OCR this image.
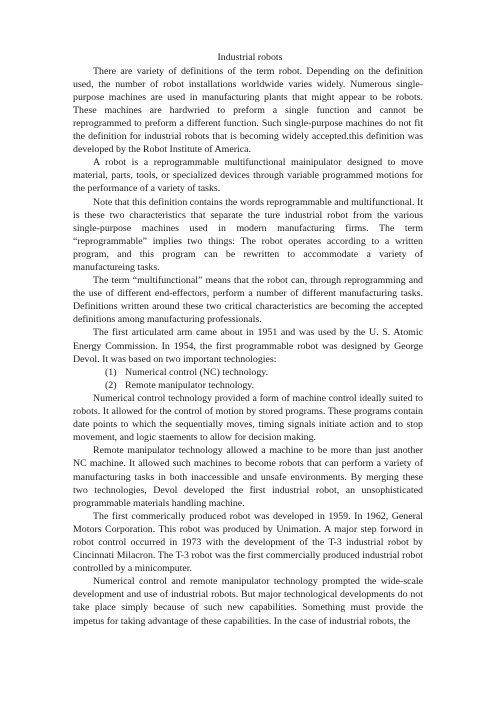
Industrial robots

There are variety of definitions of the term robot. Depending on the definition used, the number of robot installations worldwide varies widely. Numerous single-purpose machines are used in manufacturing plants that might appear to be robots. These machines are hardwried to preform a single function and cannot be reprogrammed to preform a different function. Such single-purpose machines do not fit the definition for industrial robots that is becoming widely accepted.this definition was developed by the Robot Institute of America.

A robot is a reprogrammable multifunctional mainipulator designed to move material, parts, tools, or specialized devices through variable programmed motions for the performance of a variety of tasks.

Note that this definition contains the words reprogrammable and multifunctional. It is these two characteristics that separate the ture industrial robot from the various single-purpose machines used in modern manufacturing firms. The term “reprogrammable” implies two things: The robot operates according to a written program, and this program can be rewritten to accommodate a variety of manufactureing tasks.

The term “multifunctional” means that the robot can, through reprogramming and the use of different end-effectors, perform a number of different manufacturing tasks. Definitions written around these two critical characteristics are becoming the accepted definitions among manufacturing professionals.

The first articulated arm came about in 1951 and was used by the U. S. Atomic Energy Commission. In 1954, the first programmable robot was designed by George Devol. It was based on two important technologies:

(1) Numerical control (NC) technology.
(2) Remote manipulator technology.

Numerical control technology provided a form of machine control ideally suited to robots. It allowed for the control of motion by stored programs. These programs contain date points to which the sequentially moves, timing signals initiate action and to stop movement, and logic staements to allow for decision making.

Remote manipulator technology allowed a machine to be more than just another NC machine. It allowed such machines to become robots that can perform a variety of manufacturing tasks in both inaccessible and unsafe environments. By merging these two technologies, Devol developed the first industrial robot, an unsophisticated programmable materials handling machine.

The first commerically produced robot was developed in 1959. In 1962, General Motors Corporation. This robot was produced by Unimation. A major step forword in robot control occurred in 1973 with the development of the T-3 industrial robot by Cincinnati Milacron. The T-3 robot was the first commercially produced industrial robot controlled by a minicomputer.

Numerical control and remote manipulator technology prompted the wide-scale development and use of industrial robots. But major technological developments do not take place simply because of such new capabilities. Something must provide the impetus for taking advantage of these capabilities. In the case of industrial robots, the
